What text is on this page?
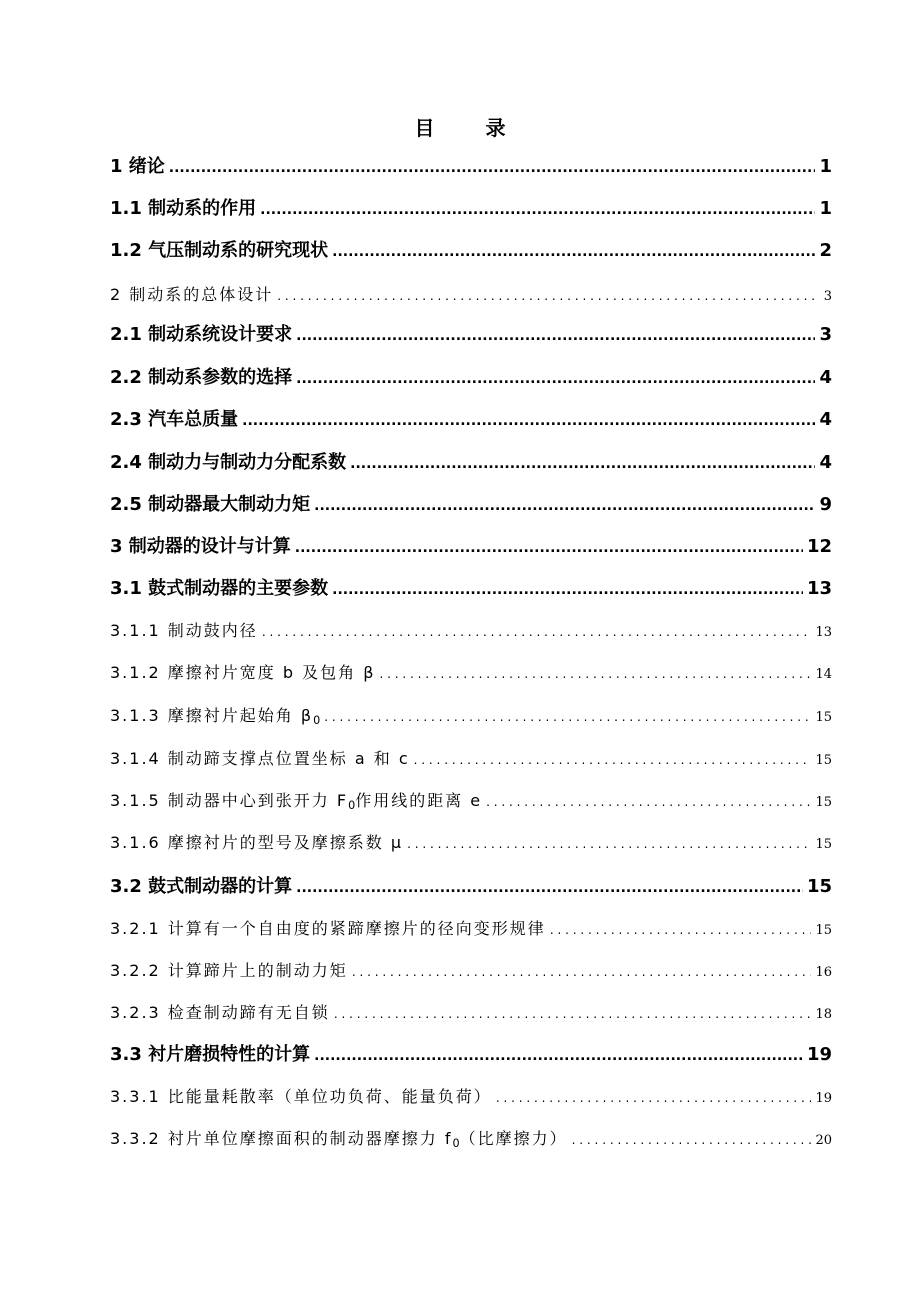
目 录
1 绪论 .....	1
1.1 制动系的作用 .....	1
1.2 气压制动系的研究现状 .....	2
2 制动系的总体设计 . . .	3
2.1 制动系统设计要求 .....	3
2.2 制动系参数的选择 .....	4
2.3 汽车总质量 .....	4
2.4 制动力与制动力分配系数 .....	4
2.5 制动器最大制动力矩 .....	9
3 制动器的设计与计算 .....	12
3.1 鼓式制动器的主要参数 .....	13
3.1.1 制动鼓内径 . . .	13
3.1.2 摩擦衬片宽度 b 及包角 β . . .	14
3.1.3 摩擦衬片起始角 $\beta_0$ . . .	15
3.1.4 制动蹄支撑点位置坐标 a 和 c . . .	15
3.1.5 制动器中心到张开力 $F_0$作用线的距离 e . . .	15
3.1.6 摩擦衬片的型号及摩擦系数 μ . . .	15
3.2 鼓式制动器的计算 .....	15
3.2.1 计算有一个自由度的紧蹄摩擦片的径向变形规律 . . .	15
3.2.2 计算蹄片上的制动力矩 . . .	16
3.2.3 检查制动蹄有无自锁 . . .	18
3.3 衬片磨损特性的计算 .....	19
3.3.1 比能量耗散率（单位功负荷、能量负荷） . . .	19
3.3.2 衬片单位摩擦面积的制动器摩擦力 $f_0$（比摩擦力） . . .	20
